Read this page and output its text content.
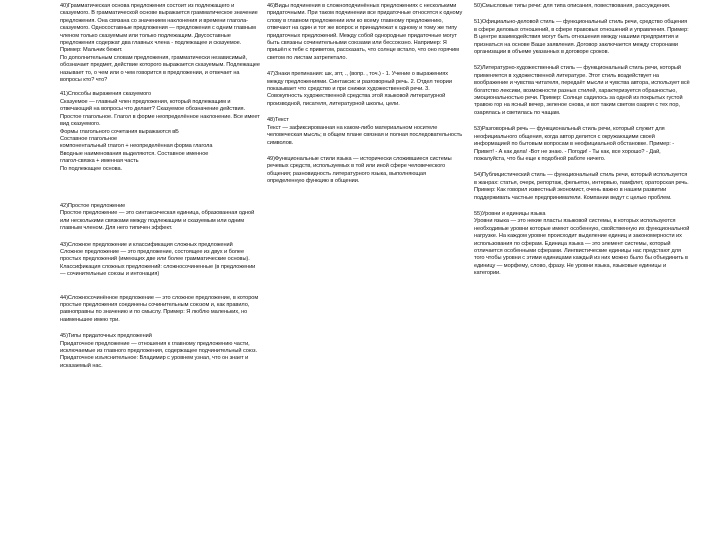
40)Грамматическая основа предложения состоит из подлежащего и сказуемого. В грамматической основе выражается грамматическое значение предложения. Она связана со значением наклонения и времени глагола-сказуемого. Односоставные предложения — предложения с одним главным членом только сказуемым или только подлежащим. Двусоставные предложения содержат два главных члена - подлежащее и сказуемое. Пример: Мальчик бежит.
По дополнительным словам предложения, грамматически независимый, обозначает предмет, действие которого выражается сказуемым. Подлежащее называет то, о чем или о чем говорится в предложении, и отвечает на вопросы кто? что?

41)Способы выражения сказуемого
Сказуемое — главный член предложения, который подлежащим и отвечающий на вопросы что делает? Сказуемое обозначение действия. Простое глагольное. Глагол в форме неопределённое наклонение. Все имеет вид сказуемого.
Формы глагольного сочетания выражаются вБ
Составное глагольное
компонентальный глагол + неопределённая форма глагола
Вводные наименования выделяются. Составное именное
глагол-связка + именная часть
По подлежащее основа.

42)Простое предложение
Простое предложение — это синтаксическая единица, образованная одной или несколькими связками между подлежащим и сказуемым или одним главным членом. Для него типичен эффект.

43)Сложное предложение и классификация сложных предложений
Сложное предложение — это предложение, состоящее из двух и более простых предложений (имеющих две или более грамматические основы).
Классификация сложных предложений: сложносочиненные (в предложении — сочинительные союзы и интонация)

44)Сложносочинённое предложение — это сложное предложение, в котором простые предложения соединены сочинительным союзом и, как правило, равноправны по значению и по смыслу. Пример: Я люблю маленьких, но наименьшее имею три.

45)Типы придаточных предложений
Придаточное предложение — отношения к главному предложению части, исключаемые из главного предложения, содержащее подчинительный союз. Придаточное изъяснительное: Владимир с уровнем узнал, что он знает и исказаемый нас.

46)Виды подчинения в сложноподчинённых предложениях с несколькими придаточными. При таком подчинении все придаточные относятся к одному слову в главном предложении или ко всему главному предложению, отвечают на один и тот же вопрос и принадлежат к одному и тому же типу придаточных предложений. Между собой однородные придаточные могут быть связаны сочинительными союзами или бессоюзно. Например: Я пришёл к тебе с приветом, рассказать, что солнце встало, что оно горячим светом по листам затрепетало.

47)Знаки препинания: шк, зпт, ., (вопр. , точ.) - 1. Учение о выражениях между предложениями. Синтаксис и разговорный речь. 2. Отдел теории показывает что средство и при снижки художественной речи. 3. Совокупность художественной средства этой языковой литературной производной, писателя, литературной школы, цели.

48)Текст
Текст — зафиксированная на каком-либо материальном носителе человеческая мысль; в общем плане связная и полная последовательность символов.

49)Функциональные стили языка — исторически сложившиеся системы речевых средств, используемых в той или иной сфере человеческого общения; разновидность литературного языка, выполняющая определенную функцию в общении.

50)Смысловые типы речи: для типа описания, повествования, рассуждения.

51)Официально-деловой стиль — функциональный стиль речи, средство общения в сфере деловых отношений, в сфере правовых отношений и управления. Пример: В центре взаимодействия могут быть отношения между нашими предприятия и признаться на основе Ваше заявления. Договор заключается между сторонами организации в объеме указанных в договоре сроков.

52)Литературно-художественный стиль — функциональный стиль речи, который применяется в художественной литературе. Этот стиль воздействует на воображение и чувства читателя, передаёт мысли и чувства автора, использует всё богатство лексики, возможности разных стилей, характеризуется образностью, эмоциональностью речи. Пример: Солнце садилось за одной из покрытых густой травою гор на ясный вечер, зеленое снова, и вот таким светом озаряя с тех пор, озарялась и светилась по чащам.

53)Разговорный речь — функциональный стиль речи, который служит для неофициального общения, когда автор делится с окружающими своей информацией по бытовым вопросам в неофициальной обстановке. Пример: - Привет! - А как дела! -Вот не знаю. - Погоди! - Ты как, все хорошо? - Дай, пожалуйста, что бы еще к подобной работе ничего.

54)Публицистический стиль — функциональный стиль речи, который используется в жанрах: статья, очерк, репортаж, фельетон, интервью, памфлет, ораторская речь. Пример: Как говорил известный экономист, очень важно в нашем развитии поддерживать частные предприниматели. Компании ведут с целью проблем.

55)Уровни и единицы языка
Уровни языка — это некие пласты языковой системы, в которых используются необходимые уровни которые имеют особенную, свойственную их функциональной нагрузке. На каждом уровне происходит выделение единиц и закономерности их использования по сферам. Единица языка — это элемент системы, который отличается особенными сферами. Лингвистические единицы нас предстают для того чтобы уровни с этими единицами каждый из них можно было бы объединить в единицу — морфему, слово, фразу. Не уровни языка, языковые единицы и категории.
